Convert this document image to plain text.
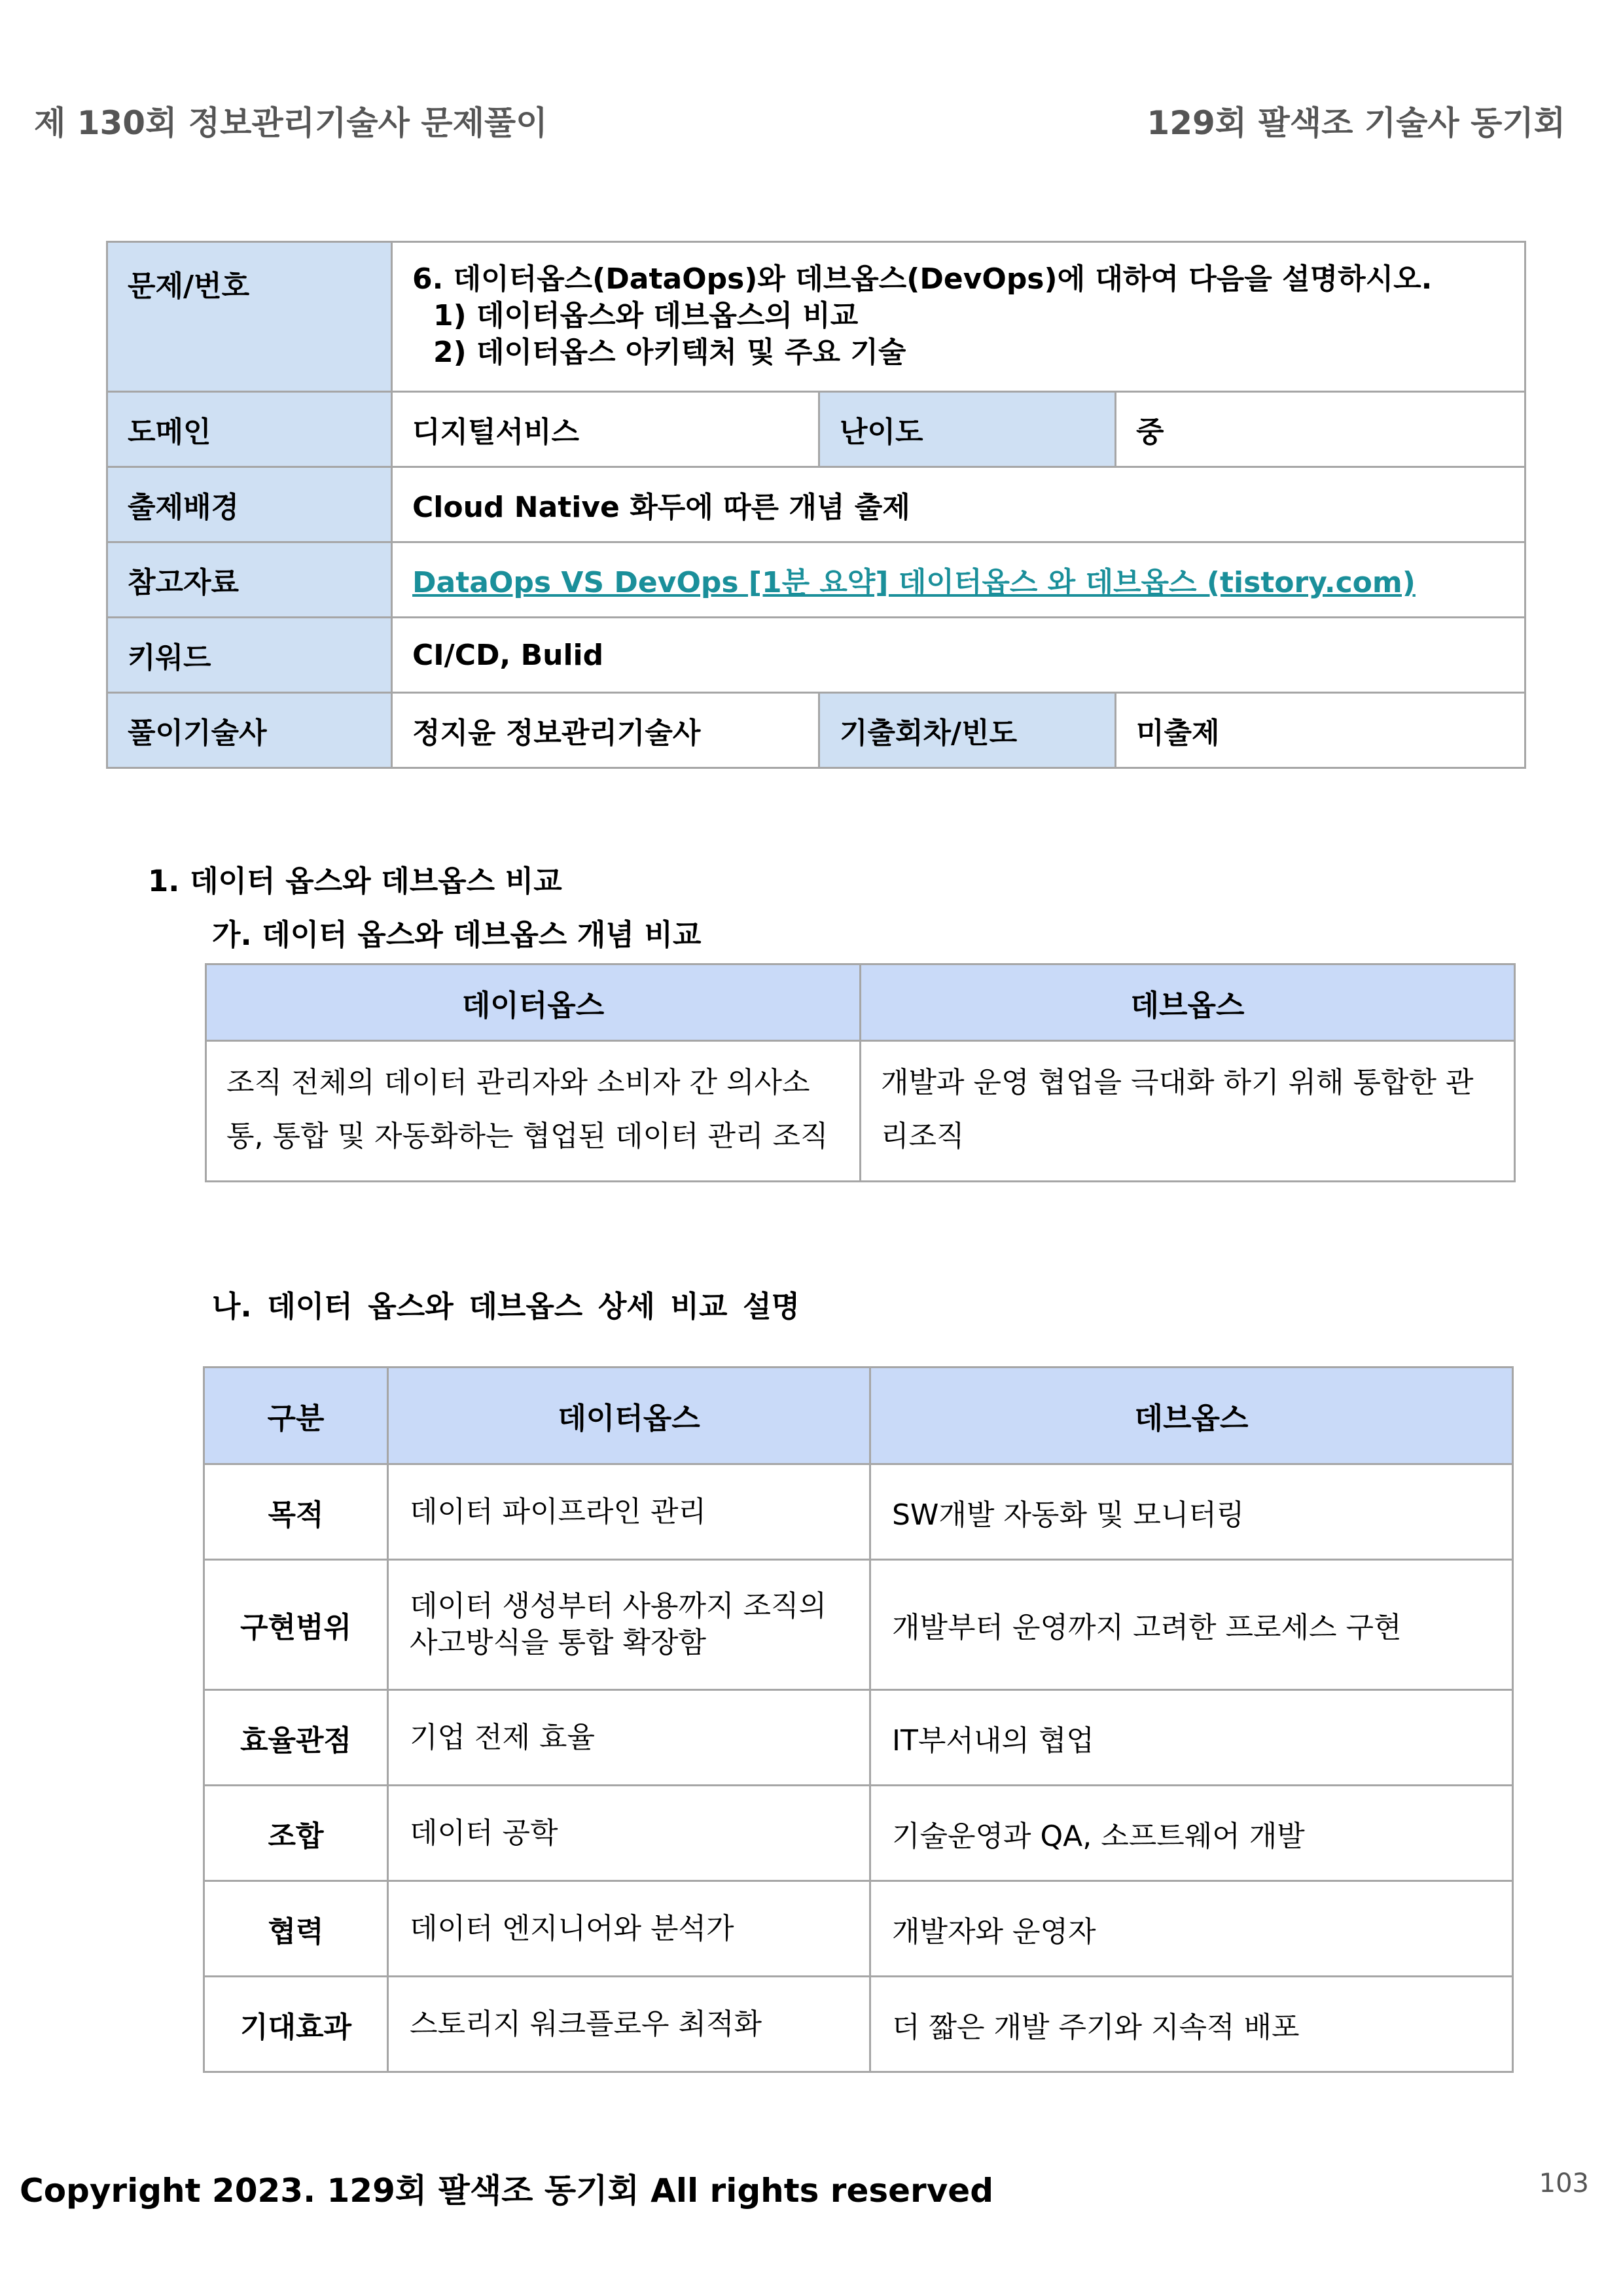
제 130회 정보관리기술사 문제풀이	129회 팔색조 기술사 동기회
문제/번호	6. 데이터옵스(DataOps)와 데브옵스(DevOps)에 대하여 다음을 설명하시오.
1) 데이터옵스와 데브옵스의 비교
2) 데이터옵스 아키텍처 및 주요 기술		

도메인	디지털서비스	난이도	중
출제배경	Cloud Native 화두에 따른 개념 출제		
참고자료	DataOps VS DevOps [1분 요약] 데이터옵스 와 데브옵스 (tistory.com)		
키워드	CI/CD, Bulid		
풀이기술사	정지윤 정보관리기술사	기출회차/빈도	미출제
1. 데이터 옵스와 데브옵스 비교
가. 데이터 옵스와 데브옵스 개념 비교
데이터옵스	데브옵스
조직 전체의 데이터 관리자와 소비자 간 의사소통, 통합 및 자동화하는 협업된 데이터 관리 조직	개발과 운영 협업을 극대화 하기 위해 통합한 관리조직
나. 데이터 옵스와 데브옵스 상세 비교 설명
구분	데이터옵스	데브옵스
목적	데이터 파이프라인 관리	SW개발 자동화 및 모니터링
구현범위	데이터 생성부터 사용까지 조직의 사고방식을 통합 확장함	개발부터 운영까지 고려한 프로세스 구현
효율관점	기업 전제 효율	IT부서내의 협업
조합	데이터 공학	기술운영과 QA, 소프트웨어 개발
협력	데이터 엔지니어와 분석가	개발자와 운영자
기대효과	스토리지 워크플로우 최적화	더 짧은 개발 주기와 지속적 배포
Copyright 2023. 129회 팔색조 동기회 All rights reserved	103
